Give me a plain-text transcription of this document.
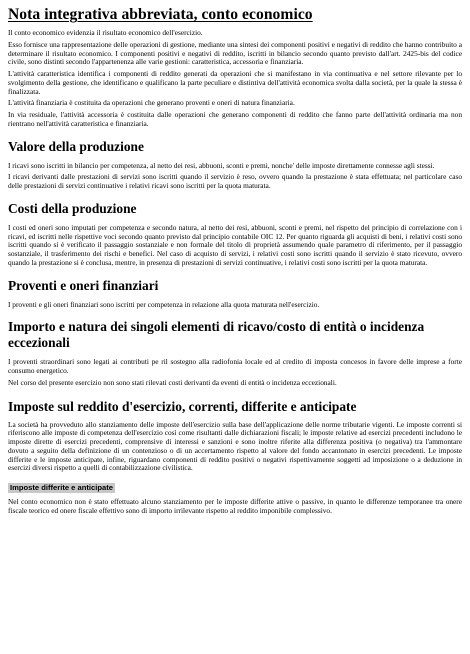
Nota integrativa abbreviata, conto economico

Il conto economico evidenzia il risultato economico dell'esercizio.

Esso fornisce una rappresentazione delle operazioni di gestione, mediante una sintesi dei componenti positivi e negativi di reddito che hanno contribuito a determinare il risultato economico. I componenti positivi e negativi di reddito, iscritti in bilancio secondo quanto previsto dall'art. 2425-bis del codice civile, sono distinti secondo l'appartenenza alle varie gestioni: caratteristica, accessoria e finanziaria.

L'attività caratteristica identifica i componenti di reddito generati da operazioni che si manifestano in via continuativa e nel settore rilevante per lo svolgimento della gestione, che identificano e qualificano la parte peculiare e distintiva dell'attività economica svolta dalla società, per la quale la stessa è finalizzata.

L'attività finanziaria è costituita da operazioni che generano proventi e oneri di natura finanziaria.

In via residuale, l'attività accessoria è costituita dalle operazioni che generano componenti di reddito che fanno parte dell'attività ordinaria ma non rientrano nell'attività caratteristica e finanziaria.

Valore della produzione

I ricavi sono iscritti in bilancio per competenza, al netto dei resi, abbuoni, sconti e premi, nonche' delle imposte direttamente connesse agli stessi.

I ricavi derivanti dalle prestazioni di servizi sono iscritti quando il servizio è reso, ovvero quando la prestazione è stata effettuata; nel particolare caso delle prestazioni di servizi continuative i relativi ricavi sono iscritti per la quota maturata.

Costi della produzione

I costi ed oneri sono imputati per competenza e secondo natura, al netto dei resi, abbuoni, sconti e premi, nel rispetto del principio di correlazione con i ricavi, ed iscritti nelle rispettive voci secondo quanto previsto dal principio contabile OIC 12. Per quanto riguarda gli acquisti di beni, i relativi costi sono iscritti quando si è verificato il passaggio sostanziale e non formale del titolo di proprietà assumendo quale parametro di riferimento, per il passaggio sostanziale, il trasferimento dei rischi e benefici. Nel caso di acquisto di servizi, i relativi costi sono iscritti quando il servizio è stato ricevuto, ovvero quando la prestazione si è conclusa, mentre, in presenza di prestazioni di servizi continuative, i relativi costi sono iscritti per la quota maturata.

Proventi e oneri finanziari

I proventi e gli oneri finanziari sono iscritti per competenza in relazione alla quota maturata nell'esercizio.

Importo e natura dei singoli elementi di ricavo/costo di entità o incidenza eccezionali

I proventi straordinari sono legati ai contributi pe ril sostegno alla radiofonia locale ed al credito di imposta concesos in favore delle imprese a forte consumo energetico.

Nel corso del presente esercizio non sono stati rilevati costi derivanti da eventi di entità o incidenza eccezionali.

Imposte sul reddito d'esercizio, correnti, differite e anticipate

La società ha provveduto allo stanziamento delle imposte dell'esercizio sulla base dell'applicazione delle norme tributarie vigenti. Le imposte correnti si riferiscono alle imposte di competenza dell'esercizio così come risultanti dalle dichiarazioni fiscali; le imposte relative ad esercizi precedenti includono le imposte dirette di esercizi precedenti, comprensive di interessi e sanzioni e sono inoltre riferite alla differenza positiva (o negativa) tra l'ammontare dovuto a seguito della definizione di un contenzioso o di un accertamento rispetto al valore del fondo accantonato in esercizi precedenti. Le imposte differite e le imposte anticipate, infine, riguardano componenti di reddito positivi o negativi rispettivamente soggetti ad imposizione o a deduzione in esercizi diversi rispetto a quelli di contabilizzazione civilistica.

Imposte differite e anticipate

Nel conto economico non è stato effettuato alcuno stanziamento per le imposte differite attive o passive, in quanto le differenze temporanee tra onere fiscale teorico ed onere fiscale effettivo sono di importo irrilevante rispetto al reddito imponibile complessivo.
